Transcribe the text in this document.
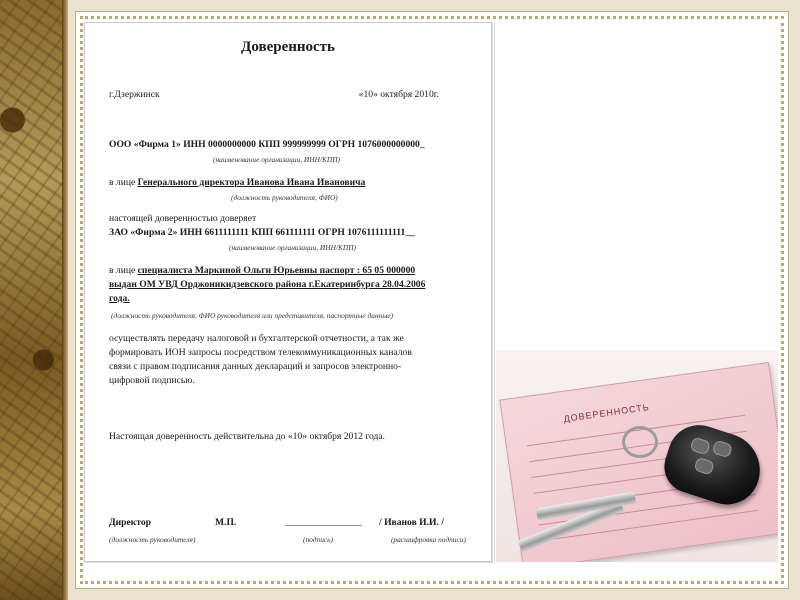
Доверенность
г.Дзержинск	«10» октября 2010г.
ООО «Фирма 1» ИНН 0000000000 КПП 999999999 ОГРН 1076000000000_
(наименование организации, ИНН/КПП)
в лице Генерального директора Иванова Ивана Ивановича
(должность руководителя, ФИО)
настоящей доверенностью доверяет
ЗАО «Фирма 2» ИНН 6611111111 КПП 661111111 ОГРН 1076111111111__
(наименование организации, ИНН/КПП)
в лице специалиста Маркиной Ольги Юрьевны паспорт : 65 05 000000
выдан ОМ УВД Орджоникидзевского района г.Екатеринбурга 28.04.2006
года.
(должность руководителя, ФИО руководителя или представителя, паспортные данные)
осуществлять передачу налоговой и бухгалтерской отчетности, а так же
формировать ИОН запросы посредством телекоммуникационных каналов
связи с правом подписания данных деклараций и запросов электронно-
цифровой подписью.
Настоящая доверенность действительна до «10» октября 2012 года.
Директор	М.П.	________________ / Иванов И.И. /
(должность руководителя)	(подпись)	(расшифровка подписи)
ДОВЕРЕННОСТЬ
